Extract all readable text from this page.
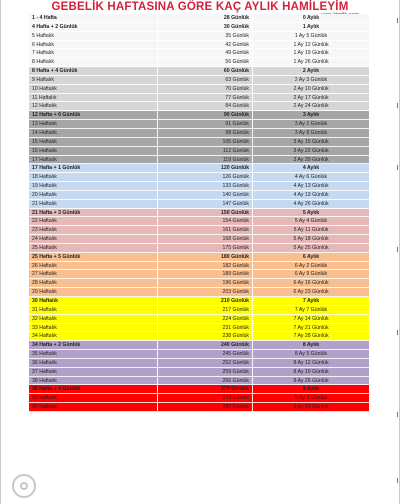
GEBELİK HAFTASINA GÖRE KAÇ AYLIK HAMİLEYİM
1 - 4 Hafta	28 Günlük	0 Aylık
4 Hafta + 2 Günlük	30 Günlük	1 Aylık
5 Haftalık	35 Günlük	1 Ay 5 Günlük
6 Haftalık	42 Günlük	1 Ay 12 Günlük
7 Haftalık	49 Günlük	1 Ay 19 Günlük
8 Haftalık	56 Günlük	1 Ay 26 Günlük
8 Hafta + 4 Günlük	60 Günlük	2 Aylık
9 Haftalık	63 Günlük	2 Ay 3 Günlük
10 Haftalık	70 Günlük	2 Ay 10 Günlük
11 Haftalık	77 Günlük	2 Ay 17 Günlük
12 Haftalık	84 Günlük	2 Ay 24 Günlük
12 Hafta + 6 Günlük	90 Günlük	3 Aylık
13 Haftalık	91 Günlük	3 Ay 1 Günlük
14 Haftalık	98 Günlük	3 Ay 8 Günlük
15 Haftalık	105 Günlük	3 Ay 15 Günlük
16 Haftalık	112 Günlük	3 Ay 22 Günlük
17 Haftalık	119 Günlük	3 Ay 29 Günlük
17 Hafta + 1 Günlük	120 Günlük	4 Aylık
18 Haftalık	126 Günlük	4 Ay 6 Günlük
19 Haftalık	133 Günlük	4 Ay 13 Günlük
20 Haftalık	140 Günlük	4 Ay 19 Günlük
21 Haftalık	147 Günlük	4 Ay 26 Günlük
21 Hafta + 3 Günlük	150 Günlük	5 Aylık
22 Haftalık	154 Günlük	5 Ay 4 Günlük
23 Haftalık	161 Günlük	5 Ay 11 Günlük
24 Haftalık	168 Günlük	5 Ay 18 Günlük
25 Haftalık	175 Günlük	5 Ay 25 Günlük
25 Hafta + 5 Günlük	180 Günlük	6 Aylık
26 Haftalık	182 Günlük	6 Ay 2 Günlük
27 Haftalık	189 Günlük	6 Ay 9 Günlük
28 Haftalık	196 Günlük	6 Ay 16 Günlük
29 Haftalık	203 Günlük	6 Ay 23 Günlük
30 Haftalık	210 Günlük	7 Aylık
31 Haftalık	217 Günlük	7 Ay 7 Günlük
32 Haftalık	224 Günlük	7 Ay 14 Günlük
33 Haftalık	231 Günlük	7 Ay 21 Günlük
34 Haftalık	238 Günlük	7 Ay 28 Günlük
34 Hafta + 2 Günlük	240 Günlük	8 Aylık
35 Haftalık	245 Günlük	8 Ay 5 Günlük
36 Haftalık	252 Günlük	8 Ay 12 Günlük
37 Haftalık	259 Günlük	8 Ay 19 Günlük
38 Haftalık	266 Günlük	8 Ay 26 Günlük
38 Hafta + 4 Günlük	270 Günlük	9 Aylık
39 Haftalık	273 Günlük	9 Ay 3 Günlük
40 Haftalık	280 Günlük	9 Ay 10 Günlük
